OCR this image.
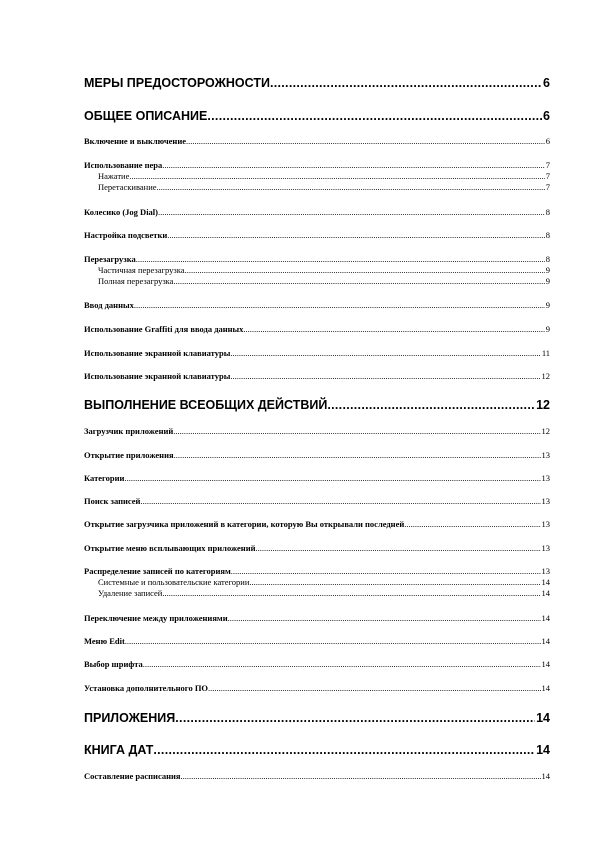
МЕРЫ ПРЕДОСТОРОЖНОСТИ .....	6
ОБЩЕЕ ОПИСАНИЕ .....	6
Включение и выключение .....	6
Использование пера .....	7
Нажатие .....	7
Перетаскивание .....	7
Колесико (Jog Dial) .....	8
Настройка подсветки .....	8
Перезагрузка .....	8
Частичная перезагрузка .....	9
Полная перезагрузка .....	9
Ввод данных .....	9
Использование Graffiti для ввода данных .....	9
Использование экранной клавиатуры .....	11
Использование экранной клавиатуры .....	12
ВЫПОЛНЕНИЕ ВСЕОБЩИХ ДЕЙСТВИЙ .....	12
Загрузчик приложений .....	12
Открытие приложения .....	13
Категории .....	13
Поиск записей .....	13
Открытие загрузчика приложений в категории, которую Вы открывали последней .....	13
Открытие меню всплывающих приложений .....	13
Распределение записей по категориям .....	13
Системные и пользовательские категории .....	14
Удаление записей .....	14
Переключение между приложениями .....	14
Меню Edit .....	14
Выбор шрифта .....	14
Установка дополнительного ПО .....	14
ПРИЛОЖЕНИЯ .....	14
КНИГА ДАТ .....	14
Составление расписания .....	14
